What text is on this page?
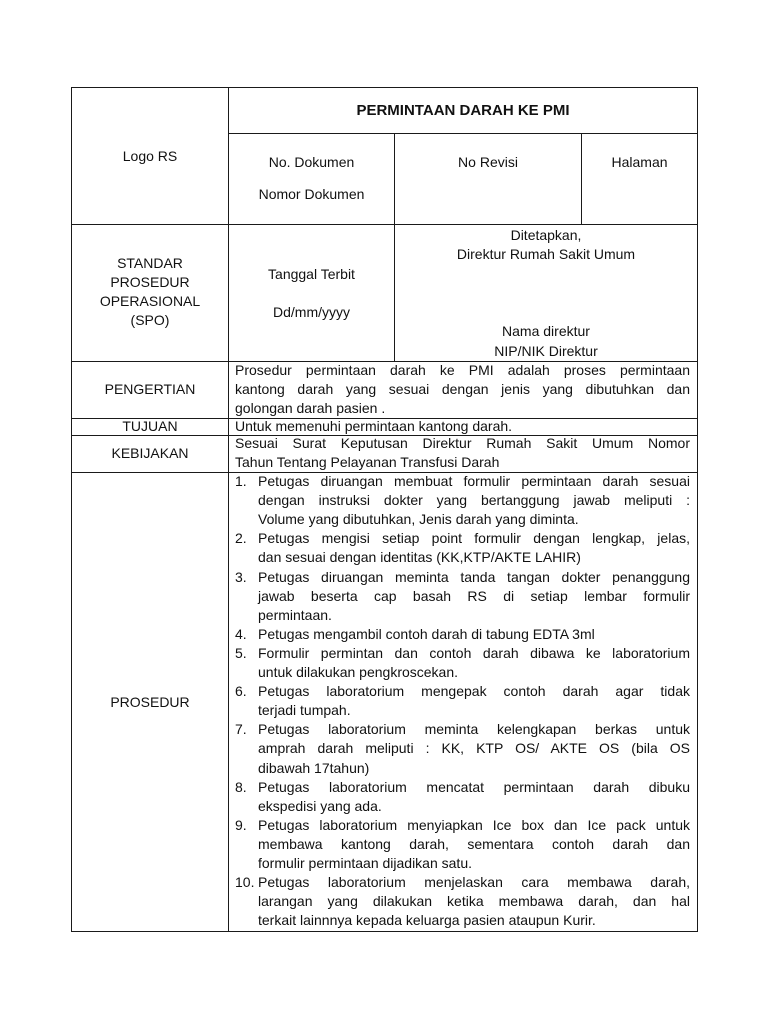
Logo RS
PERMINTAAN DARAH KE PMI
No. Dokumen
Nomor Dokumen
No Revisi	Halaman
STANDAR
PROSEDUR
OPERASIONAL
(SPO)
Tanggal Terbit
Dd/mm/yyyy
Ditetapkan,
Direktur Rumah Sakit Umum
Nama direktur
NIP/NIK Direktur
PENGERTIAN
Prosedur permintaan darah ke PMI adalah proses permintaan
kantong darah yang sesuai dengan jenis yang dibutuhkan dan
golongan darah pasien .
TUJUAN	Untuk memenuhi permintaan kantong darah.
KEBIJAKAN
Sesuai Surat Keputusan Direktur Rumah Sakit Umum Nomor
Tahun Tentang Pelayanan Transfusi Darah
PROSEDUR
1. Petugas diruangan membuat formulir permintaan darah sesuai
dengan instruksi dokter yang bertanggung jawab meliputi :
Volume yang dibutuhkan, Jenis darah yang diminta.
2. Petugas mengisi setiap point formulir dengan lengkap, jelas,
dan sesuai dengan identitas (KK,KTP/AKTE LAHIR)
3. Petugas diruangan meminta tanda tangan dokter penanggung
jawab beserta cap basah RS di setiap lembar formulir
permintaan.
4. Petugas mengambil contoh darah di tabung EDTA 3ml
5. Formulir permintan dan contoh darah dibawa ke laboratorium
untuk dilakukan pengkroscekan.
6. Petugas laboratorium mengepak contoh darah agar tidak
terjadi tumpah.
7. Petugas laboratorium meminta kelengkapan berkas untuk
amprah darah meliputi : KK, KTP OS/ AKTE OS (bila OS
dibawah 17tahun)
8. Petugas laboratorium mencatat permintaan darah dibuku
ekspedisi yang ada.
9. Petugas laboratorium menyiapkan Ice box dan Ice pack untuk
membawa kantong darah, sementara contoh darah dan
formulir permintaan dijadikan satu.
10. Petugas laboratorium menjelaskan cara membawa darah,
larangan yang dilakukan ketika membawa darah, dan hal
terkait lainnnya kepada keluarga pasien ataupun Kurir.
